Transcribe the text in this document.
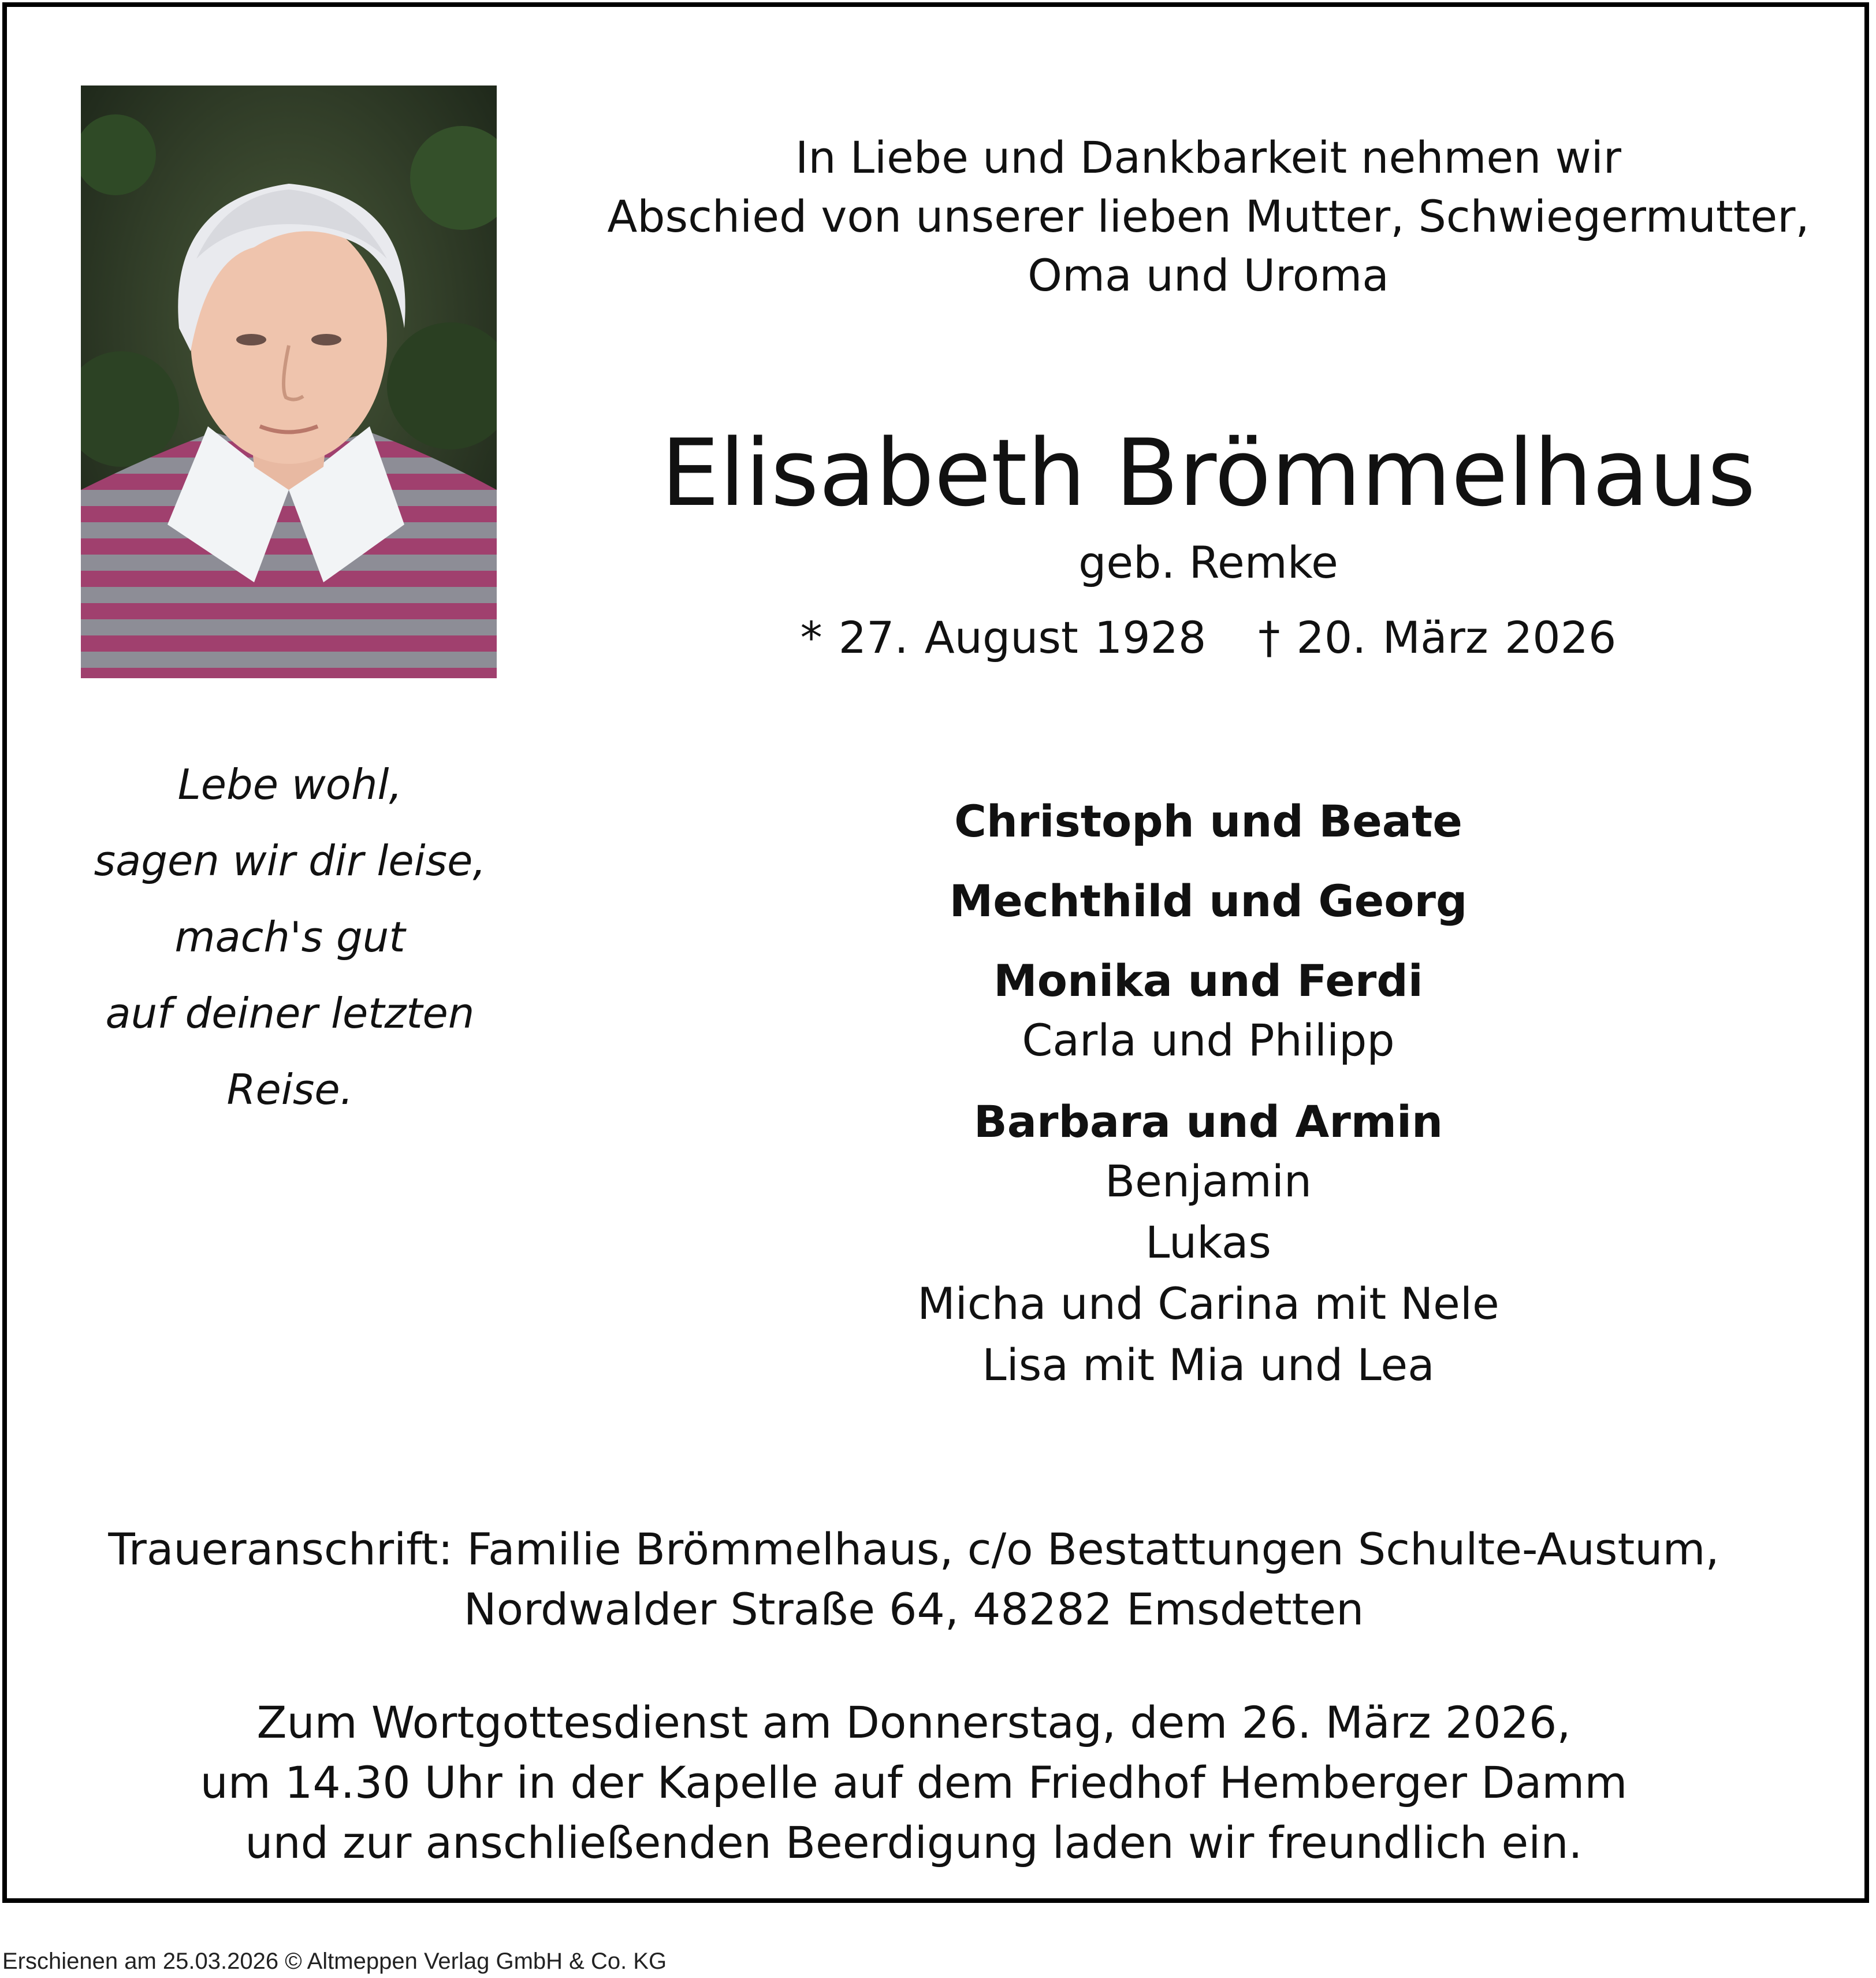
In Liebe und Dankbarkeit nehmen wir
Abschied von unserer lieben Mutter, Schwiegermutter,
Oma und Uroma
Elisabeth Brömmelhaus
geb. Remke
* 27. August 1928 † 20. März 2026
Lebe wohl,
sagen wir dir leise,
mach's gut
auf deiner letzten
Reise.
Christoph und Beate
Mechthild und Georg
Monika und Ferdi
Carla und Philipp
Barbara und Armin
Benjamin
Lukas
Micha und Carina mit Nele
Lisa mit Mia und Lea
Traueranschrift: Familie Brömmelhaus, c/o Bestattungen Schulte-Austum,
Nordwalder Straße 64, 48282 Emsdetten
Zum Wortgottesdienst am Donnerstag, dem 26. März 2026,
um 14.30 Uhr in der Kapelle auf dem Friedhof Hemberger Damm
und zur anschließenden Beerdigung laden wir freundlich ein.
Erschienen am 25.03.2026 © Altmeppen Verlag GmbH & Co. KG
